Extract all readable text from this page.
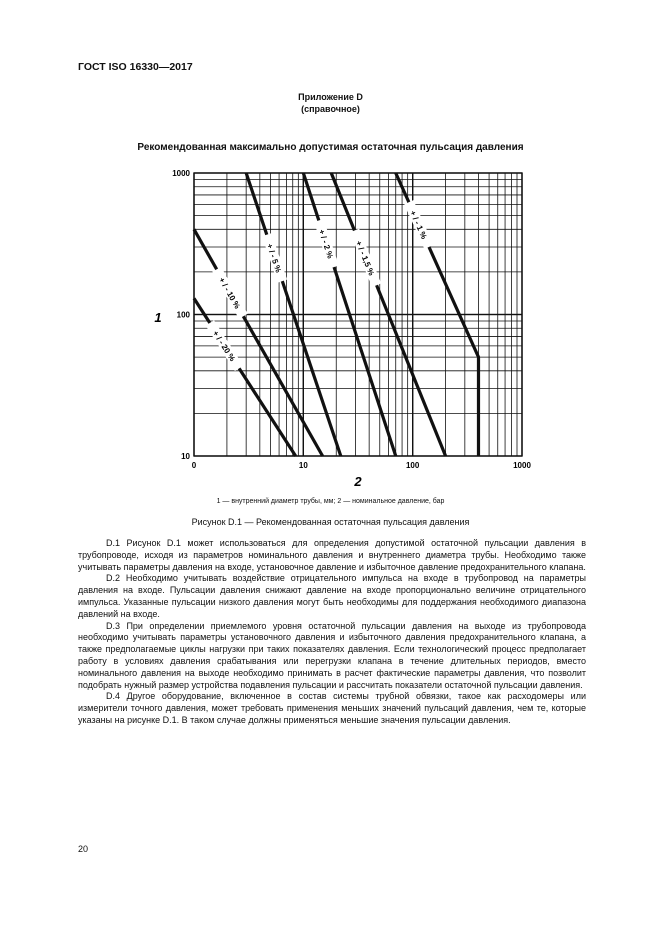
ГОСТ ISO 16330—2017
Приложение D
(справочное)
Рекомендованная максимально допустимая остаточная пульсация давления
0	10	100	1000
10
100
1000
2
1
+ / - 20 %
+ / - 10 %
+ / - 5 %	+ / - 2 % + / - 1,5 %
+ / - 1 %
1 — внутренний диаметр трубы, мм; 2 — номинальное давление, бар
Рисунок D.1 — Рекомендованная остаточная пульсация давления

D.1 Рисунок D.1 может использоваться для определения допустимой остаточной пульсации давления в трубопроводе, исходя из параметров номинального давления и внутреннего диаметра трубы. Необходимо также учитывать параметры давления на входе, установочное давление и избыточное давление предохранительного клапана.

D.2 Необходимо учитывать воздействие отрицательного импульса на входе в трубопровод на параметры давления на входе. Пульсации давления снижают давление на входе пропорционально величине отрицательного импульса. Указанные пульсации низкого давления могут быть необходимы для поддержания необходимого диапазона давлений на входе.

D.3 При определении приемлемого уровня остаточной пульсации давления на выходе из трубопровода необходимо учитывать параметры установочного давления и избыточного давления предохранительного клапана, а также предполагаемые циклы нагрузки при таких показателях давления. Если технологический процесс предполагает работу в условиях давления срабатывания или перегрузки клапана в течение длительных периодов, вместо номинального давления на выходе необходимо принимать в расчет фактические параметры давления, что позволит подобрать нужный размер устройства подавления пульсации и рассчитать показатели остаточной пульсации давления.

D.4 Другое оборудование, включенное в состав системы трубной обвязки, такое как расходомеры или измерители точного давления, может требовать применения меньших значений пульсаций давления, чем те, которые указаны на рисунке D.1. В таком случае должны применяться меньшие значения пульсации давления.

20
